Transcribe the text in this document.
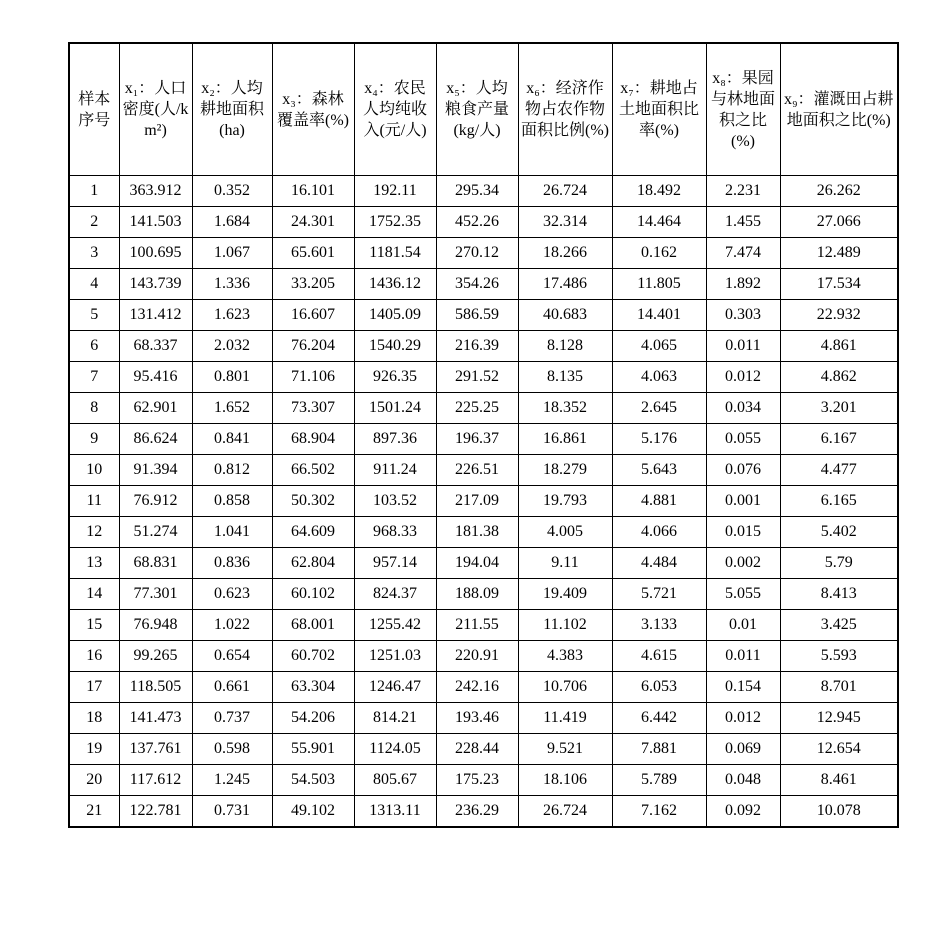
样本序号	x₁：人口密度(人/km²)	x₂：人均耕地面积(ha)	x₃：森林覆盖率(%)	x₄：农民人均纯收入(元/人)	x₅：人均粮食产量 (kg/人)	x₆：经济作物占农作物面积比例(%)	x₇：耕地占土地面积比率(%)	x₈：果园与林地面积之比(%)	x₉：灌溉田占耕地面积之比(%)

1	363.912	0.352	16.101	192.11	295.34	26.724	18.492	2.231	26.262
2	141.503	1.684	24.301	1752.35	452.26	32.314	14.464	1.455	27.066
3	100.695	1.067	65.601	1181.54	270.12	18.266	0.162	7.474	12.489
4	143.739	1.336	33.205	1436.12	354.26	17.486	11.805	1.892	17.534
5	131.412	1.623	16.607	1405.09	586.59	40.683	14.401	0.303	22.932
6	68.337	2.032	76.204	1540.29	216.39	8.128	4.065	0.011	4.861
7	95.416	0.801	71.106	926.35	291.52	8.135	4.063	0.012	4.862
8	62.901	1.652	73.307	1501.24	225.25	18.352	2.645	0.034	3.201
9	86.624	0.841	68.904	897.36	196.37	16.861	5.176	0.055	6.167
10	91.394	0.812	66.502	911.24	226.51	18.279	5.643	0.076	4.477
11	76.912	0.858	50.302	103.52	217.09	19.793	4.881	0.001	6.165
12	51.274	1.041	64.609	968.33	181.38	4.005	4.066	0.015	5.402
13	68.831	0.836	62.804	957.14	194.04	9.11	4.484	0.002	5.79
14	77.301	0.623	60.102	824.37	188.09	19.409	5.721	5.055	8.413
15	76.948	1.022	68.001	1255.42	211.55	11.102	3.133	0.01	3.425
16	99.265	0.654	60.702	1251.03	220.91	4.383	4.615	0.011	5.593
17	118.505	0.661	63.304	1246.47	242.16	10.706	6.053	0.154	8.701
18	141.473	0.737	54.206	814.21	193.46	11.419	6.442	0.012	12.945
19	137.761	0.598	55.901	1124.05	228.44	9.521	7.881	0.069	12.654
20	117.612	1.245	54.503	805.67	175.23	18.106	5.789	0.048	8.461
21	122.781	0.731	49.102	1313.11	236.29	26.724	7.162	0.092	10.078
